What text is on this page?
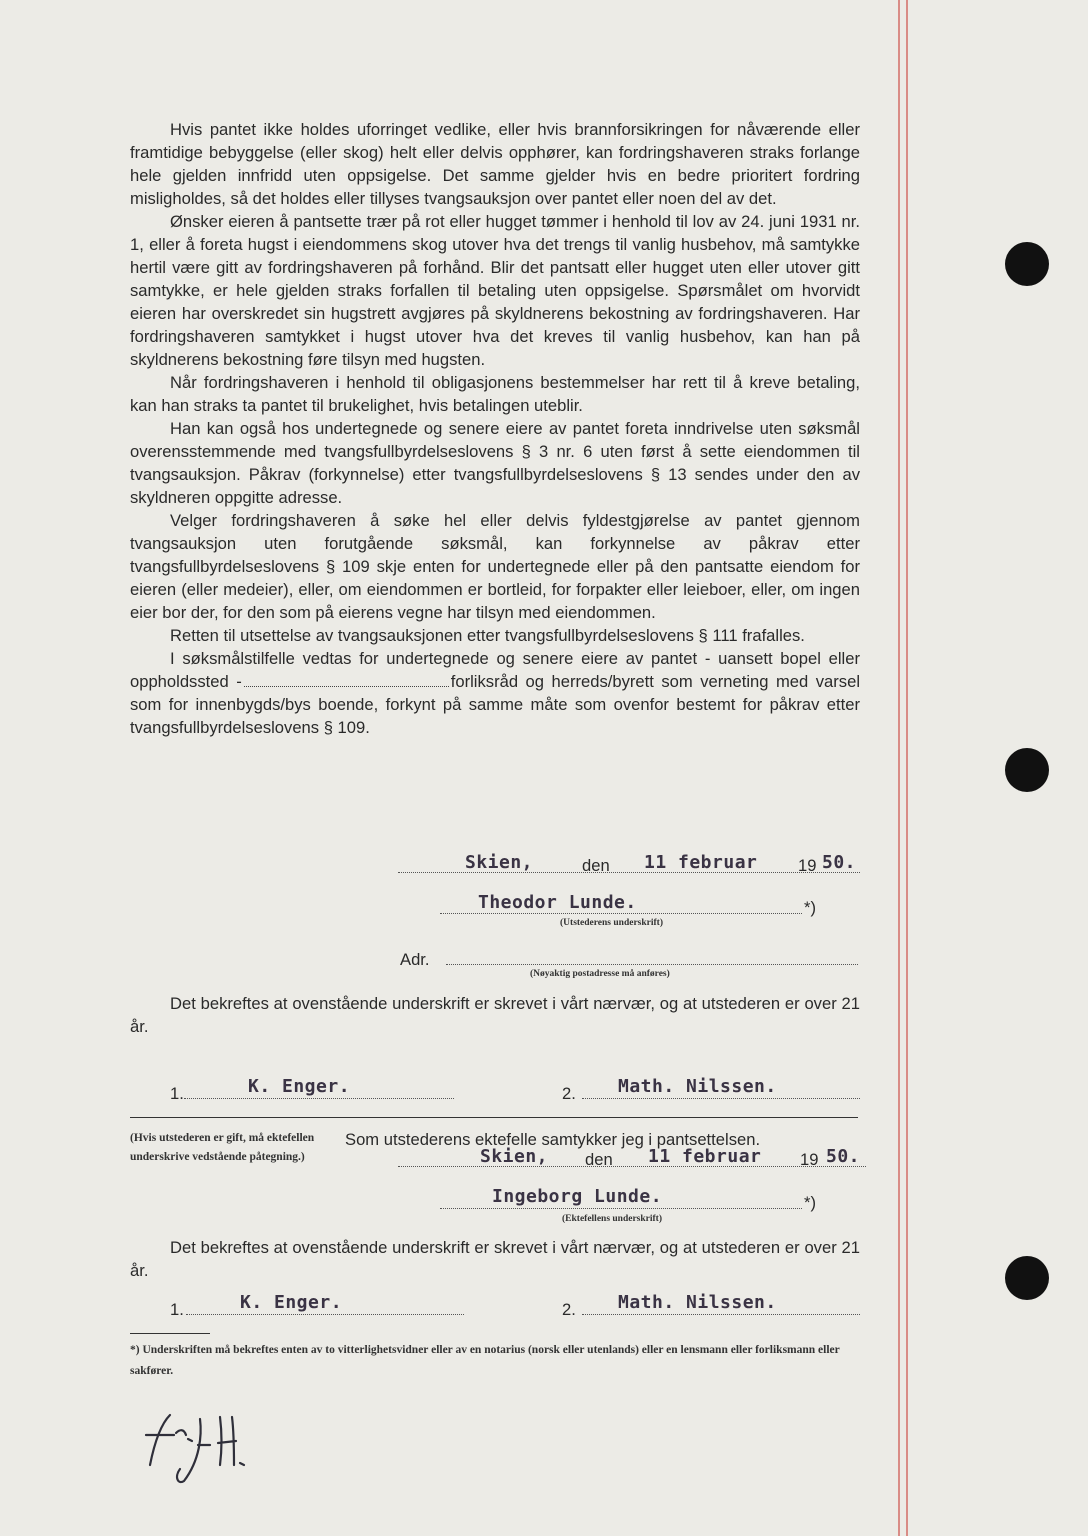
Hvis pantet ikke holdes uforringet vedlike, eller hvis brannforsikringen for nåværende eller framtidige bebyggelse (eller skog) helt eller delvis opphører, kan fordringshaveren straks forlange hele gjelden innfridd uten oppsigelse. Det samme gjelder hvis en bedre prioritert fordring misligholdes, så det holdes eller tillyses tvangsauksjon over pantet eller noen del av det.

Ønsker eieren å pantsette trær på rot eller hugget tømmer i henhold til lov av 24. juni 1931 nr. 1, eller å foreta hugst i eiendommens skog utover hva det trengs til vanlig husbehov, må samtykke hertil være gitt av fordringshaveren på forhånd. Blir det pantsatt eller hugget uten eller utover gitt samtykke, er hele gjelden straks forfallen til betaling uten oppsigelse. Spørsmålet om hvorvidt eieren har overskredet sin hugstrett avgjøres på skyldnerens bekostning av fordringshaveren. Har fordringshaveren samtykket i hugst utover hva det kreves til vanlig husbehov, kan han på skyldnerens bekostning føre tilsyn med hugsten.

Når fordringshaveren i henhold til obligasjonens bestemmelser har rett til å kreve betaling, kan han straks ta pantet til brukelighet, hvis betalingen uteblir.

Han kan også hos undertegnede og senere eiere av pantet foreta inndrivelse uten søksmål overensstemmende med tvangsfullbyrdelseslovens § 3 nr. 6 uten først å sette eiendommen til tvangsauksjon. Påkrav (forkynnelse) etter tvangsfullbyrdelseslovens § 13 sendes under den av skyldneren oppgitte adresse.

Velger fordringshaveren å søke hel eller delvis fyldestgjørelse av pantet gjennom tvangsauksjon uten forutgående søksmål, kan forkynnelse av påkrav etter tvangsfullbyrdelseslovens § 109 skje enten for undertegnede eller på den pantsatte eiendom for eieren (eller medeier), eller, om eiendommen er bortleid, for forpakter eller leieboer, eller, om ingen eier bor der, for den som på eierens vegne har tilsyn med eiendommen.

Retten til utsettelse av tvangsauksjonen etter tvangsfullbyrdelseslovens § 111 frafalles.

I søksmålstilfelle vedtas for undertegnede og senere eiere av pantet - uansett bopel eller oppholdssted -	forliksråd og herreds/byrett som verneting med varsel som for innenbygds/bys boende, forkynt på samme måte som ovenfor bestemt for påkrav etter tvangsfullbyrdelseslovens § 109.

Skien,	den 11 februar 19 50.
Theodor Lunde.	*)
(Utstederens underskrift)
Adr.
(Nøyaktig postadresse må anføres)

Det bekreftes at ovenstående underskrift er skrevet i vårt nærvær, og at utstederen er over 21 år.

1.	K. Enger.	2. Math. Nilssen.
(Hvis utstederen er gift, må ektefellen underskrive vedstående påtegning.)
Som utstederens ektefelle samtykker jeg i pantsettelsen.
Skien, den 11 februar 19 50.
Ingeborg Lunde.	*)
(Ektefellens underskrift)

Det bekreftes at ovenstående underskrift er skrevet i vårt nærvær, og at utstederen er over 21 år.

1.	K. Enger.	2. Math. Nilssen.
*) Underskriften må bekreftes enten av to vitterlighetsvidner eller av en notarius (norsk eller utenlands) eller en lensmann eller forliksmann eller sakfører.
